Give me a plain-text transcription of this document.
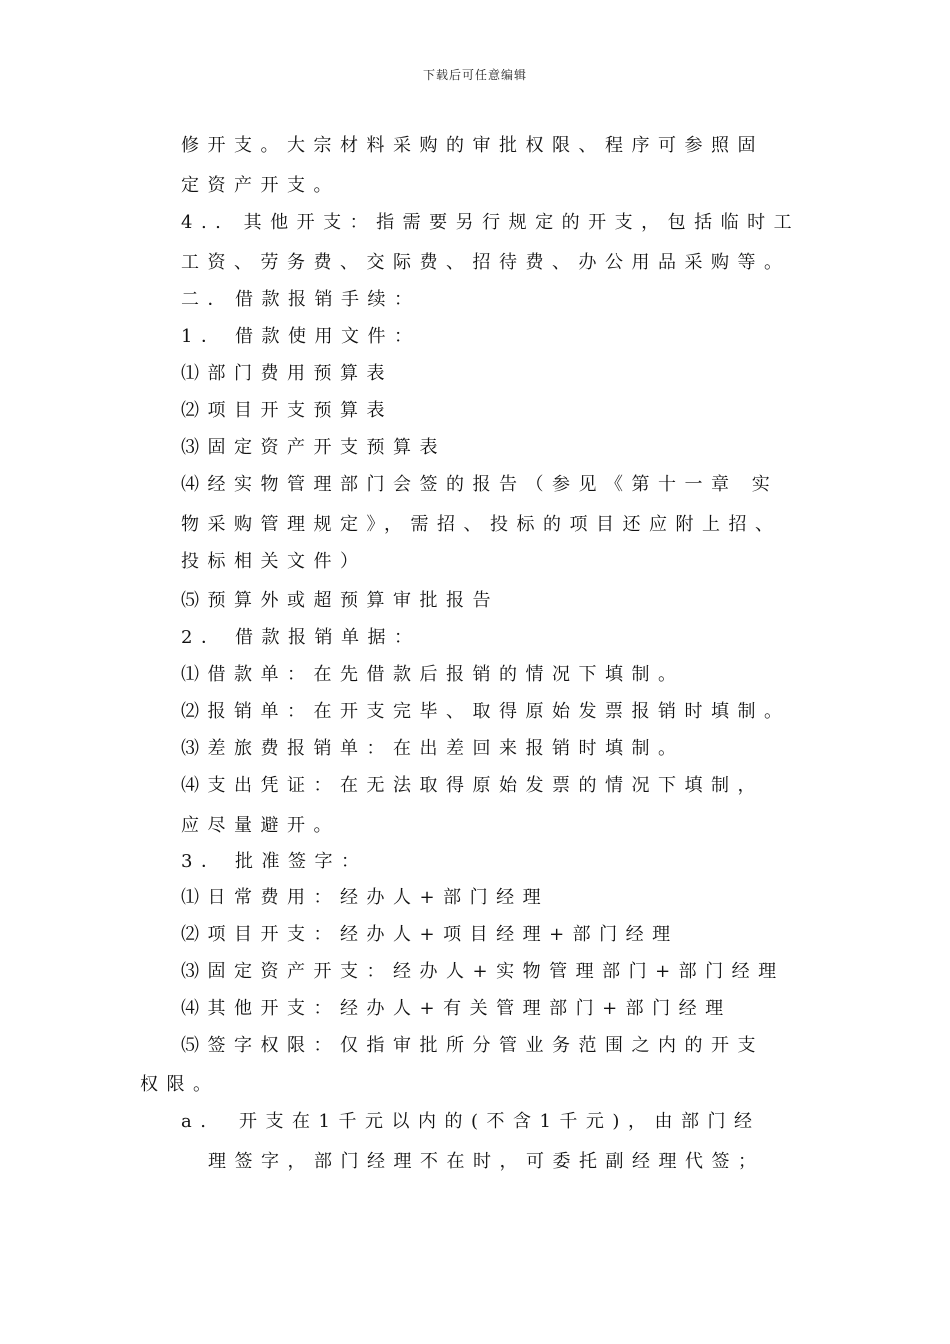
下载后可任意编辑
修开支。大宗材料采购的审批权限、程序可参照固
定资产开支。
4.. 其他开支：指需要另行规定的开支，包括临时工
工资、劳务费、交际费、招待费、办公用品采购等。
二．借款报销手续：
1． 借款使用文件：
⑴部门费用预算表
⑵项目开支预算表
⑶固定资产开支预算表
⑷经实物管理部门会签的报告（参见《第十一章 实
物采购管理规定》，需招、投标的项目还应附上招、
投标相关文件）
⑸预算外或超预算审批报告
2． 借款报销单据：
⑴借款单：在先借款后报销的情况下填制。
⑵报销单：在开支完毕、取得原始发票报销时填制。
⑶差旅费报销单：在出差回来报销时填制。
⑷支出凭证：在无法取得原始发票的情况下填制，
应尽量避开。
3． 批准签字：
⑴日常费用：经办人+部门经理
⑵项目开支：经办人+项目经理+部门经理
⑶固定资产开支：经办人+实物管理部门+部门经理
⑷其他开支：经办人+有关管理部门+部门经理
⑸签字权限：仅指审批所分管业务范围之内的开支
权限。
a. 开支在1千元以内的(不含1千元)，由部门经
理签字，部门经理不在时，可委托副经理代签；
